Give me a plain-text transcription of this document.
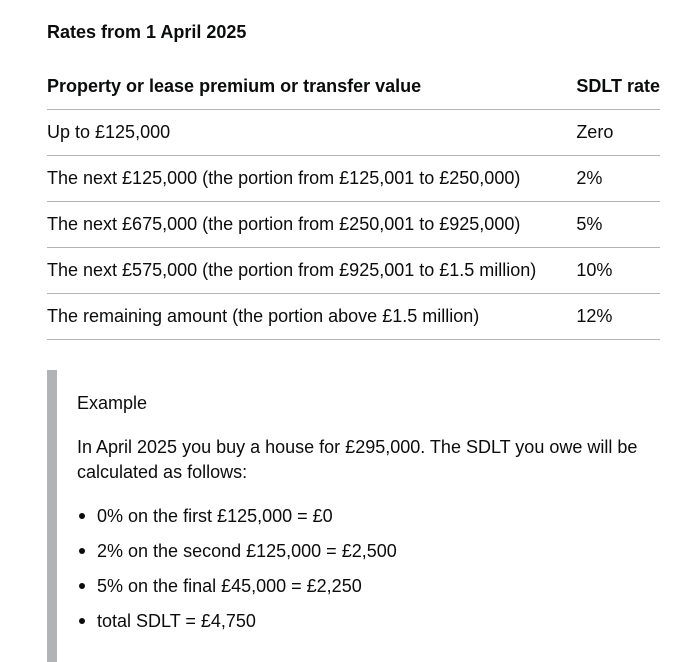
Rates from 1 April 2025
Property or lease premium or transfer value	SDLT rate
Up to £125,000	Zero
The next £125,000 (the portion from £125,001 to £250,000)	2%
The next £675,000 (the portion from £250,001 to £925,000)	5%
The next £575,000 (the portion from £925,001 to £1.5 million)	10%
The remaining amount (the portion above £1.5 million)	12%
Example
In April 2025 you buy a house for £295,000. The SDLT you owe will be calculated as follows:
0% on the first £125,000 = £0
2% on the second £125,000 = £2,500
5% on the final £45,000 = £2,250
total SDLT = £4,750
